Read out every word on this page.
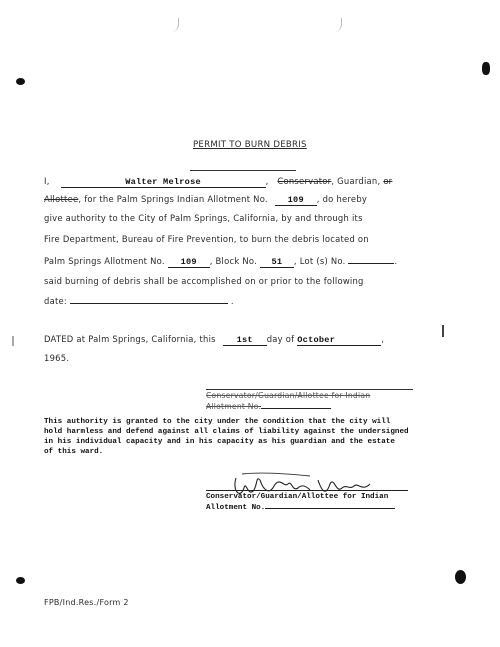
PERMIT TO BURN DEBRIS
I,	Walter Melrose	, Conservator, Guardian, or
Allottee, for the Palm Springs Indian Allotment No. 109 , do hereby
give authority to the City of Palm Springs, California, by and through its
Fire Department, Bureau of Fire Prevention, to burn the debris located on
Palm Springs Allotment No. 109 , Block No. 51 , Lot (s) No.	.
said burning of debris shall be accomplished on or prior to the following
date:	.
DATED at Palm Springs, California, this 1st day of October	,
1965.
Conservator/Guardian/Allottee for Indian
Allotment No.
This authority is granted to the city under the condition that the city will
hold harmless and defend against all claims of liability against the undersigned
in his individual capacity and in his capacity as his guardian and the estate
of this ward.
Conservator/Guardian/Allottee for Indian
Allotment No.
FPB/Ind.Res./Form 2
